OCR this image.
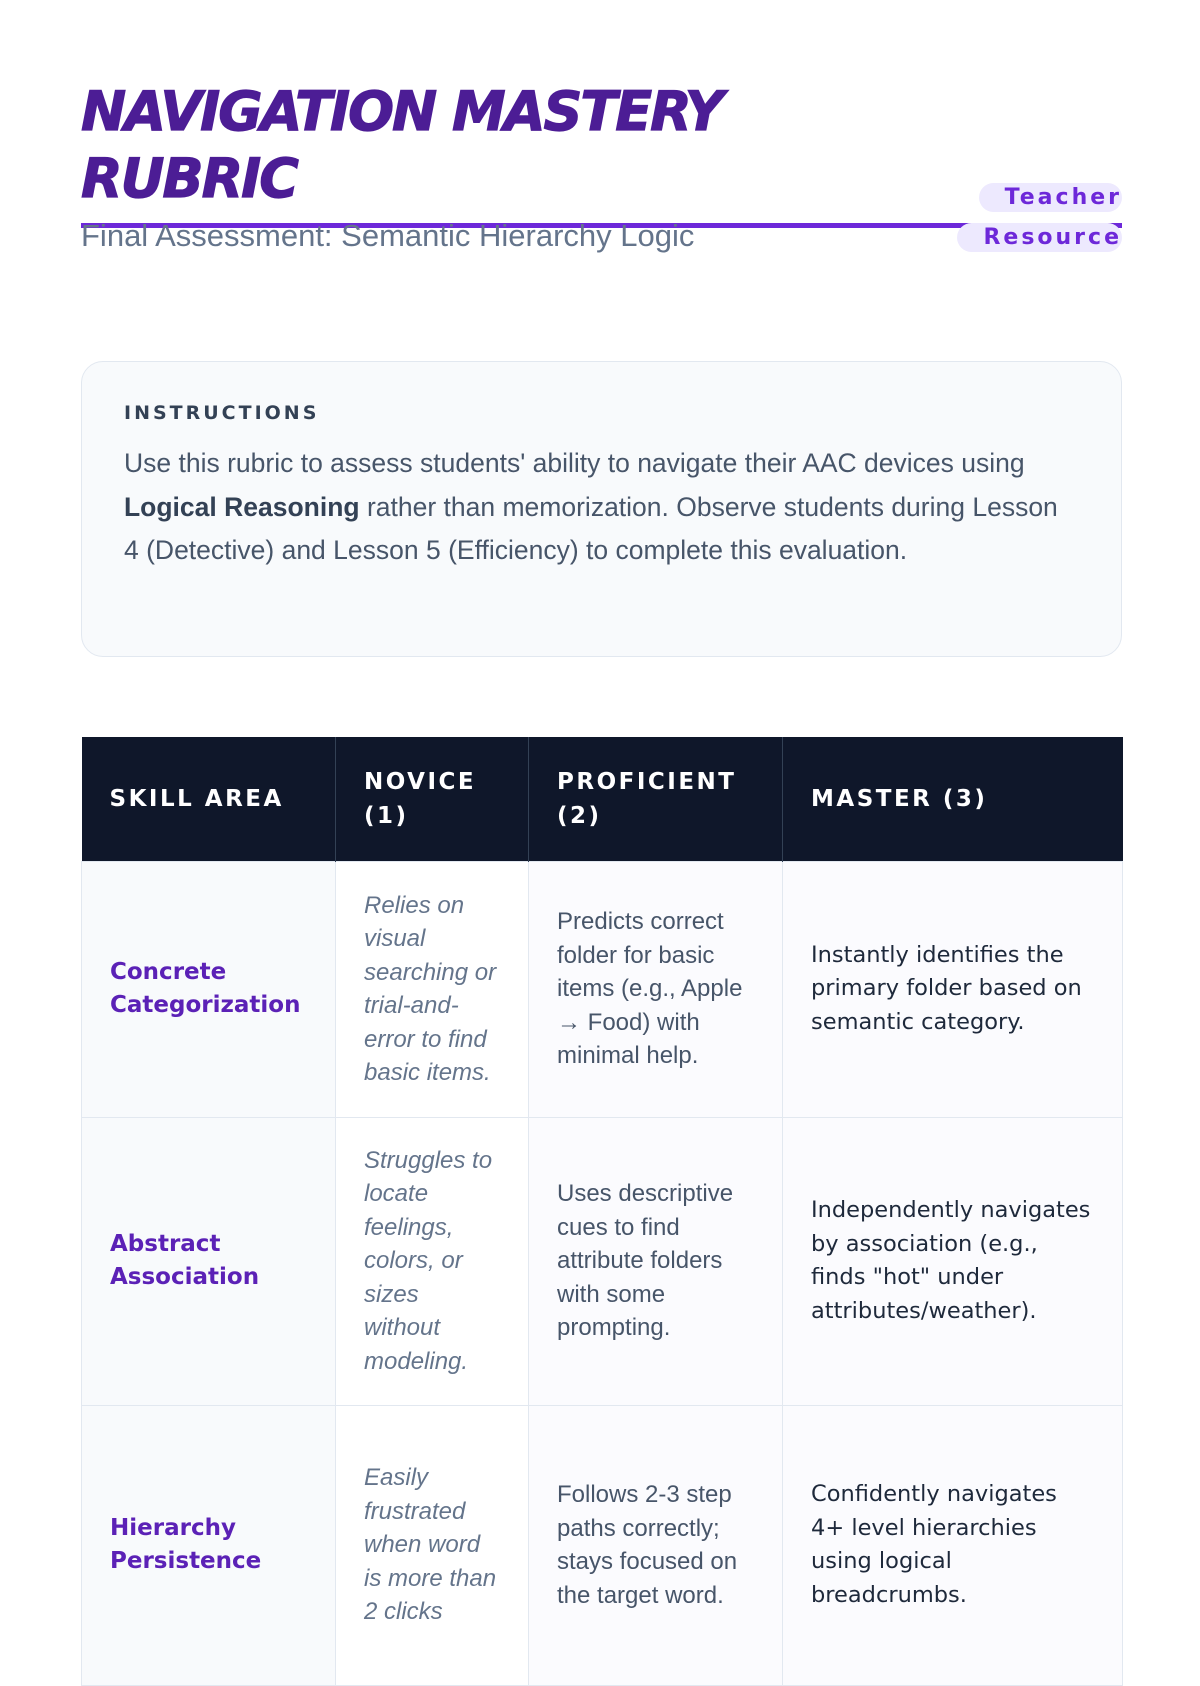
NAVIGATION MASTERY RUBRIC

Final Assessment: Semantic Hierarchy Logic

Teacher Resource
INSTRUCTIONS

Use this rubric to assess students' ability to navigate their AAC devices using Logical Reasoning rather than memorization. Observe students during Lesson 4 (Detective) and Lesson 5 (Efficiency) to complete this evaluation.

SKILL AREA	NOVICE (1)	PROFICIENT (2)	MASTER (3)
Concrete Categorization	Relies on visual searching or trial-and-error to find basic items.	Predicts correct folder for basic items (e.g., Apple → Food) with minimal help.	Instantly identifies the primary folder based on semantic category.
Abstract Association	Struggles to locate feelings, colors, or sizes without modeling.	Uses descriptive cues to find attribute folders with some prompting.	Independently navigates by association (e.g., finds "hot" under attributes/weather).
Hierarchy Persistence	Easily frustrated when word is more than 2 clicks	Follows 2-3 step paths correctly; stays focused on the target word.	Confidently navigates 4+ level hierarchies using logical breadcrumbs.
